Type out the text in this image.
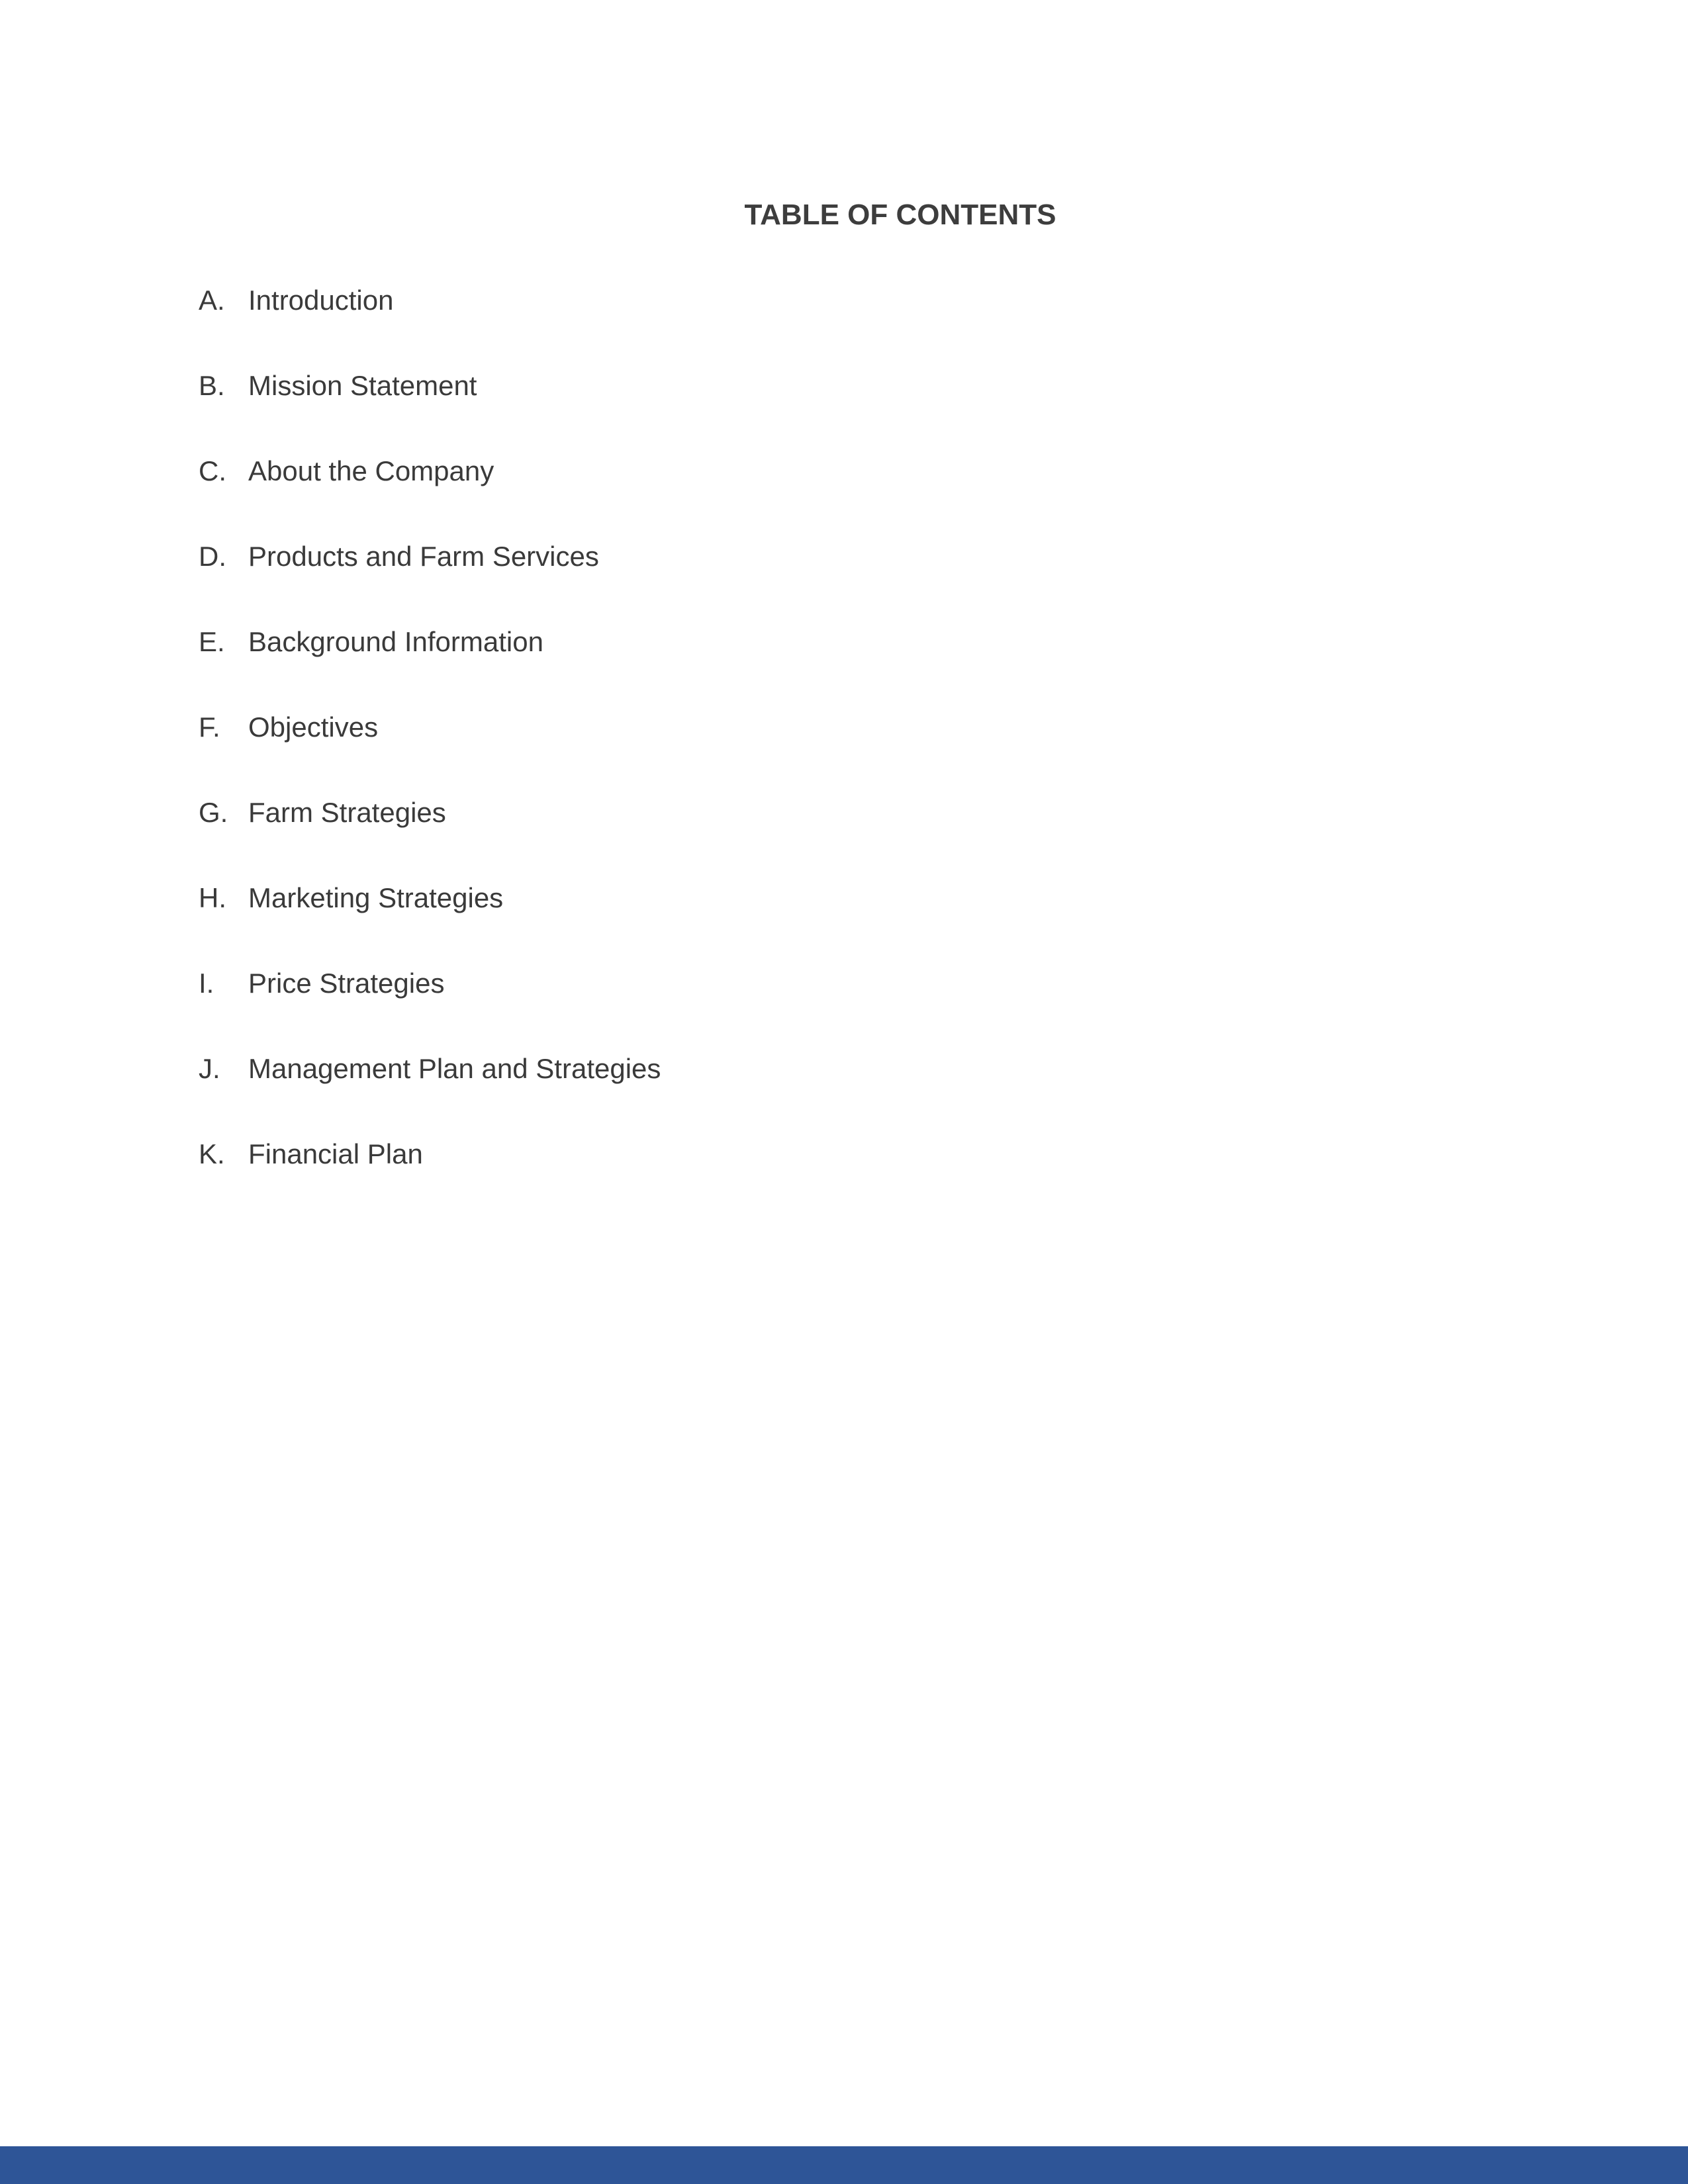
TABLE OF CONTENTS
A. Introduction
B. Mission Statement
C. About the Company
D. Products and Farm Services
E. Background Information
F.	Objectives
G. Farm Strategies
H. Marketing Strategies
I.	Price Strategies
J.	Management Plan and Strategies
K. Financial Plan
